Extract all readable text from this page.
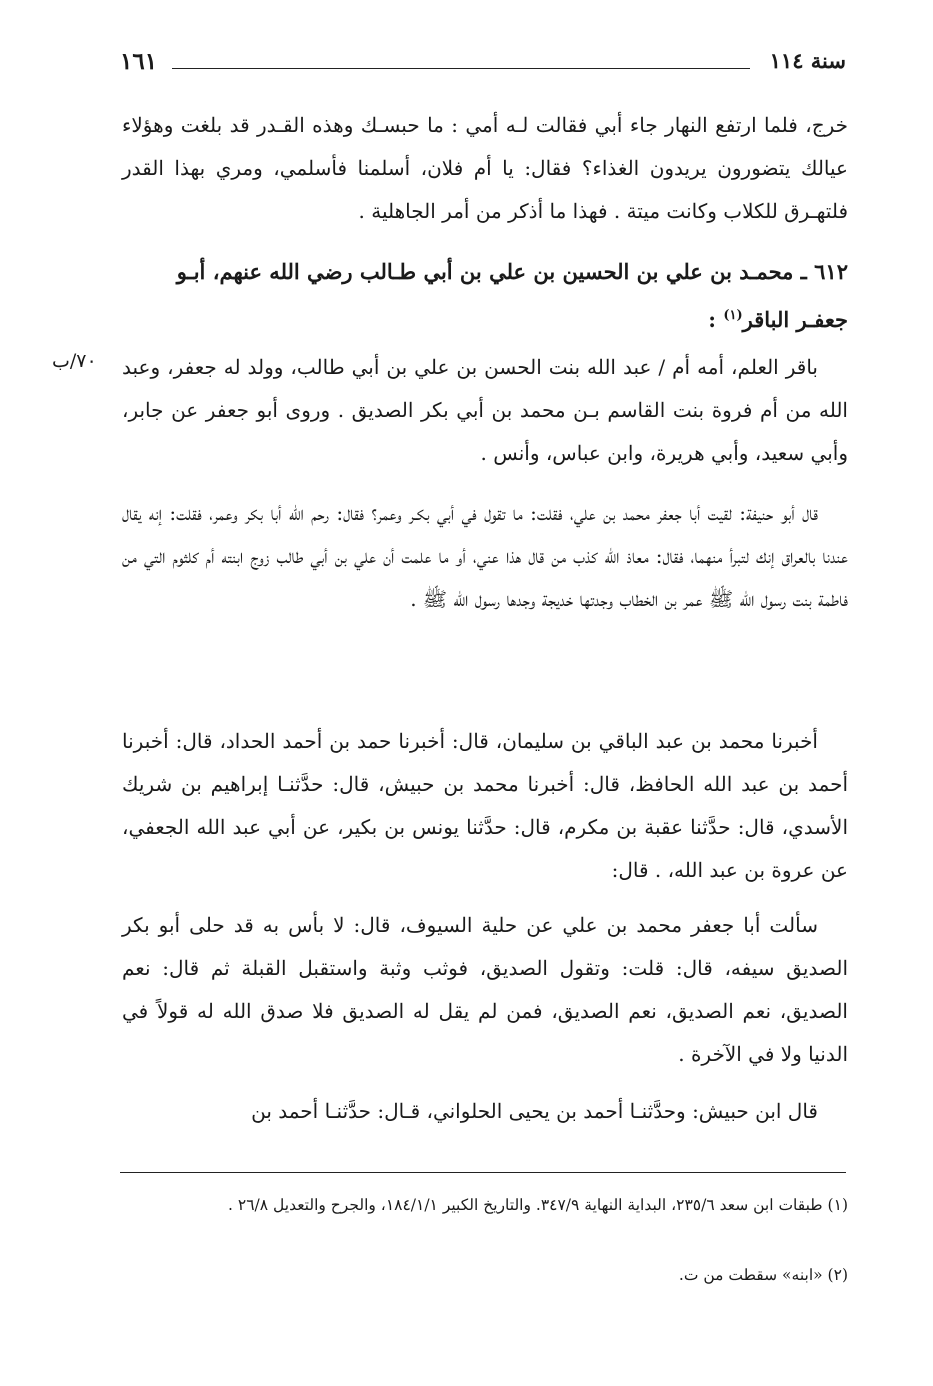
سنة ١١٤
١٦١

خرج، فلما ارتفع النهار جاء أبي فقالت لـه أمي : ما حبسـك وهذه القـدر قد بلغت وهؤلاء عيالك يتضورون يريدون الغذاء؟ فقال: يا أم فلان، أسلمنا فأسلمي، ومري بهذا القدر فلتهـرق للكلاب وكانت ميتة . فهذا ما أذكر من أمر الجاهلية .

٦١٢ ـ محمـد بن علي بن الحسين بن علي بن أبي طـالب رضي الله عنهم، أبـو جعفـر الباقر$^{(١)}$ :

٧٠/ب باقر العلم، أمه أم / عبد الله بنت الحسن بن علي بن أبي طالب، وولد له جعفر، وعبد الله من أم فروة بنت القاسم بـن محمد بن أبي بكر الصديق . وروى أبو جعفر عن جابر، وأبي سعيد، وأبي هريرة، وابن عباس، وأنس .

قال أبو حنيفة: لقيت أبا جعفر محمد بن علي، فقلت: ما تقول في أبي بكـر وعمر؟ فقال: رحم الله أبا بكر وعمر، فقلت: إنه يقال عندنا بالعراق إنك لتبرأ منهما، فقال: معاذ الله كذب من قال هذا عني، أو ما علمت أن علي بن أبي طالب زوج ابنته أم كلثوم التي من فاطمة بنت رسول الله ﷺ عمر بن الخطاب وجدتها خديجة وجدها رسول الله ﷺ .

أخبرنا محمد بن عبد الباقي بن سليمان، قال: أخبرنا حمد بن أحمد الحداد، قال: أخبرنا أحمد بن عبد الله الحافظ، قال: أخبرنا محمد بن حبيش، قال: حدَّثنـا إبراهيم بن شريك الأسدي، قال: حدَّثنا عقبة بن مكرم، قال: حدَّثنا يونس بن بكير، عن أبي عبد الله الجعفي، عن عروة بن عبد الله، . قال:

سألت أبا جعفر محمد بن علي عن حلية السيوف، قال: لا بأس به قد حلى أبو بكر الصديق سيفه، قال: قلت: وتقول الصديق، فوثب وثبة واستقبل القبلة ثم قال: نعم الصديق، نعم الصديق، نعم الصديق، فمن لم يقل له الصديق فلا صدق الله له قولاً في الدنيا ولا في الآخرة .

قال ابن حبيش: وحدَّثنـا أحمد بن يحيى الحلواني، قـال: حدَّثنـا أحمد بن

(١) طبقات ابن سعد ٢٣٥/٦، البداية النهاية ٣٤٧/٩. والتاريخ الكبير ١٨٤/١/١، والجرح والتعديل ٢٦/٨ .

(٢) «ابنه» سقطت من ت.
